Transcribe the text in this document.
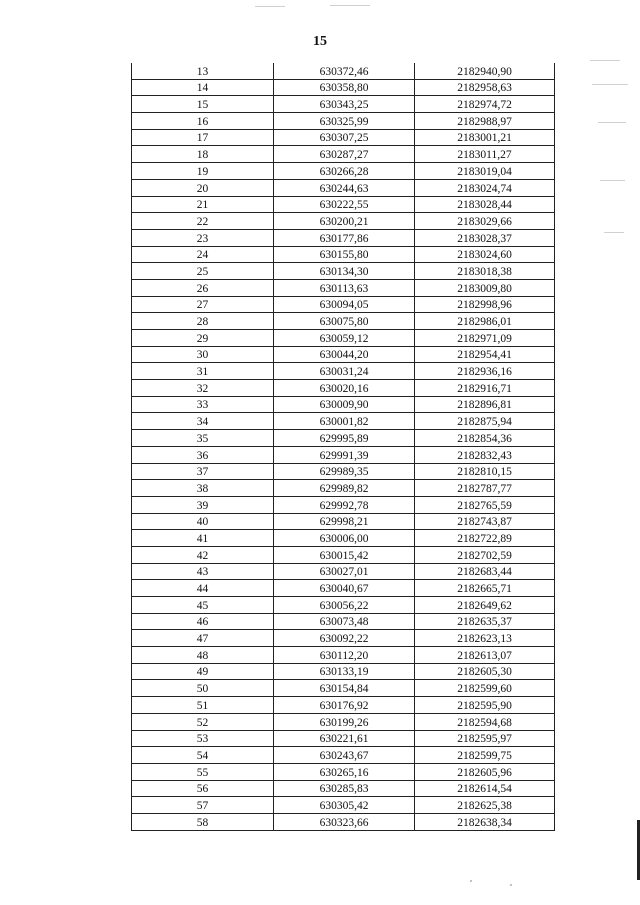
15
13	630372,46	2182940,90
14	630358,80	2182958,63
15	630343,25	2182974,72
16	630325,99	2182988,97
17	630307,25	2183001,21
18	630287,27	2183011,27
19	630266,28	2183019,04
20	630244,63	2183024,74
21	630222,55	2183028,44
22	630200,21	2183029,66
23	630177,86	2183028,37
24	630155,80	2183024,60
25	630134,30	2183018,38
26	630113,63	2183009,80
27	630094,05	2182998,96
28	630075,80	2182986,01
29	630059,12	2182971,09
30	630044,20	2182954,41
31	630031,24	2182936,16
32	630020,16	2182916,71
33	630009,90	2182896,81
34	630001,82	2182875,94
35	629995,89	2182854,36
36	629991,39	2182832,43
37	629989,35	2182810,15
38	629989,82	2182787,77
39	629992,78	2182765,59
40	629998,21	2182743,87
41	630006,00	2182722,89
42	630015,42	2182702,59
43	630027,01	2182683,44
44	630040,67	2182665,71
45	630056,22	2182649,62
46	630073,48	2182635,37
47	630092,22	2182623,13
48	630112,20	2182613,07
49	630133,19	2182605,30
50	630154,84	2182599,60
51	630176,92	2182595,90
52	630199,26	2182594,68
53	630221,61	2182595,97
54	630243,67	2182599,75
55	630265,16	2182605,96
56	630285,83	2182614,54
57	630305,42	2182625,38
58	630323,66	2182638,34
